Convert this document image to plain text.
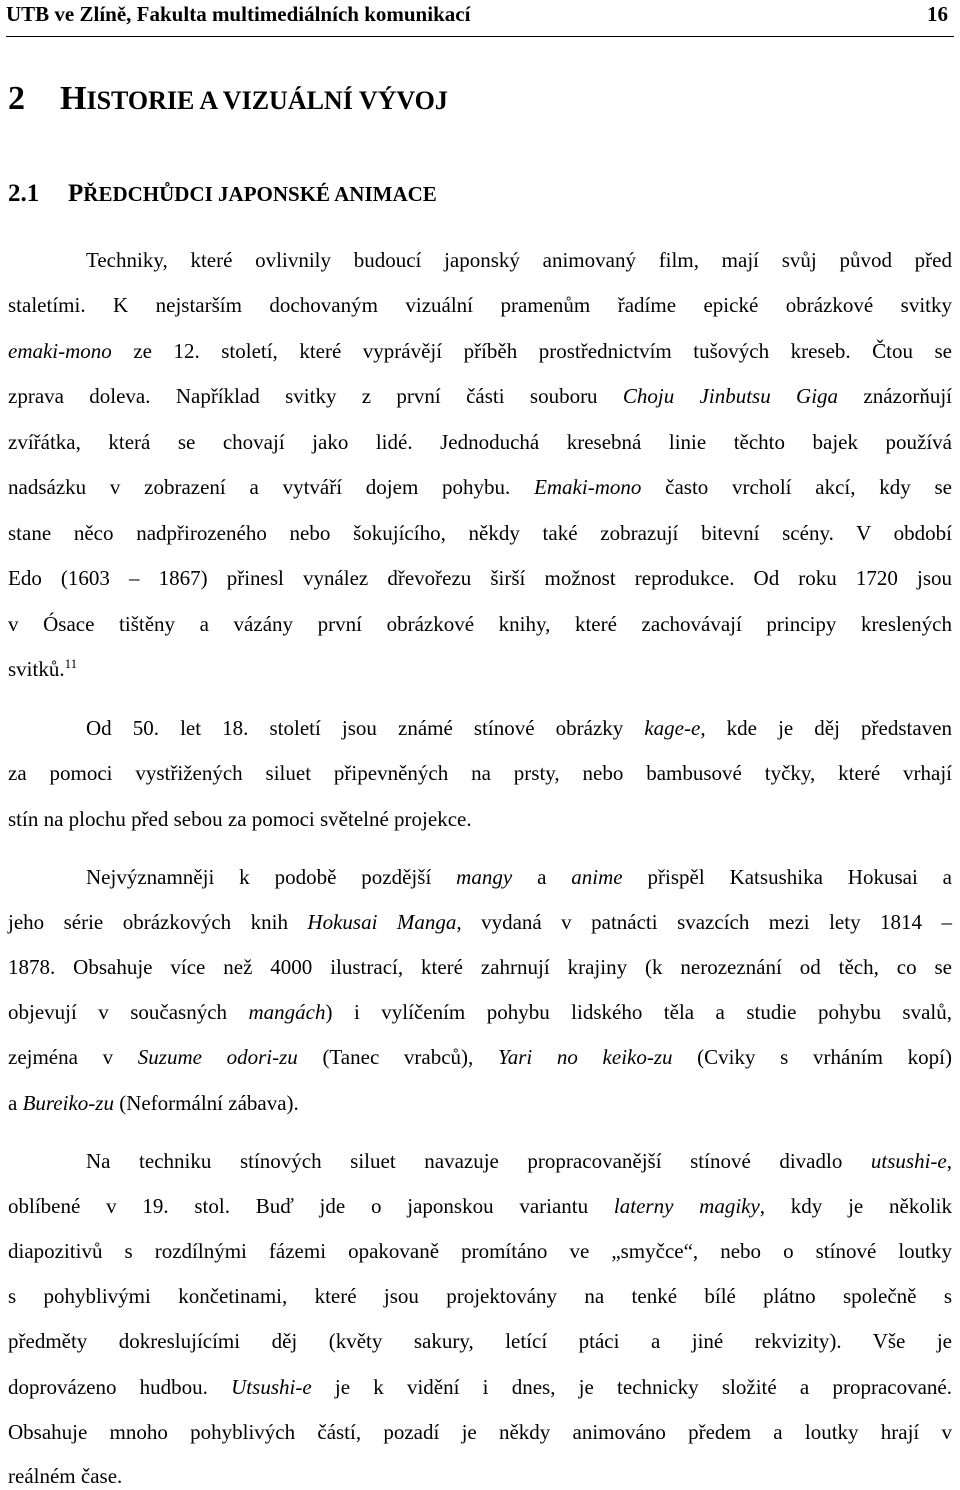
UTB ve Zlíně, Fakulta multimediálních komunikací	16
2 HISTORIE A VIZUÁLNÍ VÝVOJ
2.1 PŘEDCHŮDCI JAPONSKÉ ANIMACE
Techniky, které ovlivnily budoucí japonský animovaný film, mají svůj původ před
staletími. K nejstarším dochovaným vizuální pramenům řadíme epické obrázkové svitky
emaki-mono ze 12. století, které vyprávějí příběh prostřednictvím tušových kreseb. Čtou se
zprava doleva. Například svitky z první části souboru Choju Jinbutsu Giga znázorňují
zvířátka, která se chovají jako lidé. Jednoduchá kresebná linie těchto bajek používá
nadsázku v zobrazení a vytváří dojem pohybu. Emaki-mono často vrcholí akcí, kdy se
stane něco nadpřirozeného nebo šokujícího, někdy také zobrazují bitevní scény. V období
Edo (1603 – 1867) přinesl vynález dřevořezu širší možnost reprodukce. Od roku 1720 jsou
v Ósace tištěny a vázány první obrázkové knihy, které zachovávají principy kreslených
svitků.$^{11}$
Od 50. let 18. století jsou známé stínové obrázky kage-e, kde je děj představen
za pomoci vystřižených siluet připevněných na prsty, nebo bambusové tyčky, které vrhají
stín na plochu před sebou za pomoci světelné projekce.
Nejvýznamněji k podobě pozdější mangy a anime přispěl Katsushika Hokusai a
jeho série obrázkových knih Hokusai Manga, vydaná v patnácti svazcích mezi lety 1814 –
1878. Obsahuje více než 4000 ilustrací, které zahrnují krajiny (k nerozeznání od těch, co se
objevují v současných mangách) i vylíčením pohybu lidského těla a studie pohybu svalů,
zejména v Suzume odori-zu (Tanec vrabců), Yari no keiko-zu (Cviky s vrháním kopí)
a Bureiko-zu (Neformální zábava).
Na techniku stínových siluet navazuje propracovanější stínové divadlo utsushi-e,
oblíbené v 19. stol. Buď jde o japonskou variantu laterny magiky, kdy je několik
diapozitivů s rozdílnými fázemi opakovaně promítáno ve „smyčce“, nebo o stínové loutky
s pohyblivými končetinami, které jsou projektovány na tenké bílé plátno společně s
předměty dokreslujícími děj (květy sakury, letící ptáci a jiné rekvizity). Vše je
doprovázeno hudbou. Utsushi-e je k vidění i dnes, je technicky složité a propracované.
Obsahuje mnoho pohyblivých částí, pozadí je někdy animováno předem a loutky hrají v
reálném čase.
